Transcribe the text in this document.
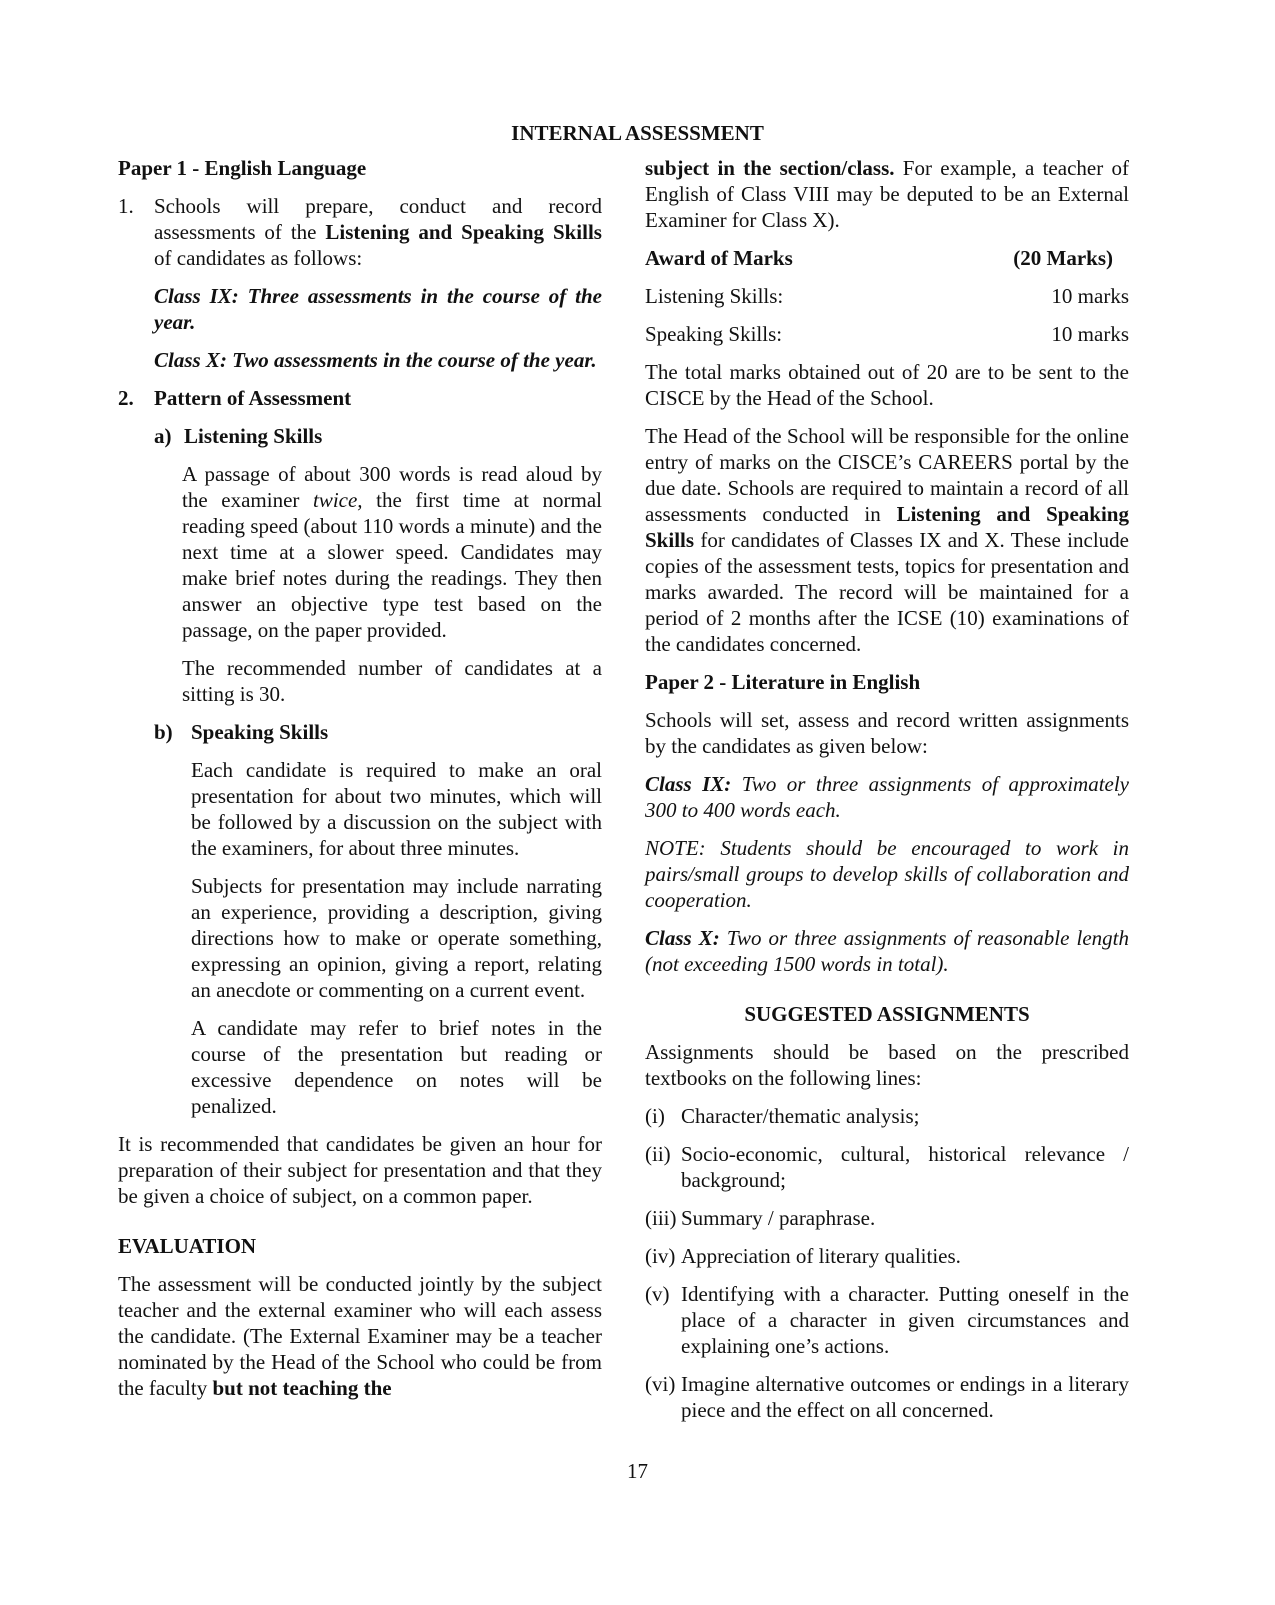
INTERNAL ASSESSMENT
Paper 1 - English Language
1. Schools will prepare, conduct and record assessments of the Listening and Speaking Skills of candidates as follows:

Class IX: Three assessments in the course of the year.

Class X: Two assessments in the course of the year.

2. Pattern of Assessment
a) Listening Skills

A passage of about 300 words is read aloud by the examiner twice, the first time at normal reading speed (about 110 words a minute) and the next time at a slower speed. Candidates may make brief notes during the readings. They then answer an objective type test based on the passage, on the paper provided.

The recommended number of candidates at a sitting is 30.

b) Speaking Skills

Each candidate is required to make an oral presentation for about two minutes, which will be followed by a discussion on the subject with the examiners, for about three minutes.

Subjects for presentation may include narrating an experience, providing a description, giving directions how to make or operate something, expressing an opinion, giving a report, relating an anecdote or commenting on a current event.

A candidate may refer to brief notes in the course of the presentation but reading or excessive dependence on notes will be penalized.

It is recommended that candidates be given an hour for preparation of their subject for presentation and that they be given a choice of subject, on a common paper.

EVALUATION

The assessment will be conducted jointly by the subject teacher and the external examiner who will each assess the candidate. (The External Examiner may be a teacher nominated by the Head of the School who could be from the faculty but not teaching the

subject in the section/class. For example, a teacher of English of Class VIII may be deputed to be an External Examiner for Class X).

Award of Marks	(20 Marks)
Listening Skills:	10 marks
Speaking Skills:	10 marks

The total marks obtained out of 20 are to be sent to the CISCE by the Head of the School.

The Head of the School will be responsible for the online entry of marks on the CISCE’s CAREERS portal by the due date. Schools are required to maintain a record of all assessments conducted in Listening and Speaking Skills for candidates of Classes IX and X. These include copies of the assessment tests, topics for presentation and marks awarded. The record will be maintained for a period of 2 months after the ICSE (10) examinations of the candidates concerned.

Paper 2 - Literature in English

Schools will set, assess and record written assignments by the candidates as given below:

Class IX: Two or three assignments of approximately 300 to 400 words each.

NOTE: Students should be encouraged to work in pairs/small groups to develop skills of collaboration and cooperation.

Class X: Two or three assignments of reasonable length (not exceeding 1500 words in total).

SUGGESTED ASSIGNMENTS

Assignments should be based on the prescribed textbooks on the following lines:

(i) Character/thematic analysis;
(ii) Socio-economic, cultural, historical relevance / background;
(iii) Summary / paraphrase.
(iv) Appreciation of literary qualities.
(v) Identifying with a character. Putting oneself in the place of a character in given circumstances and explaining one’s actions.
(vi) Imagine alternative outcomes or endings in a literary piece and the effect on all concerned.
17
